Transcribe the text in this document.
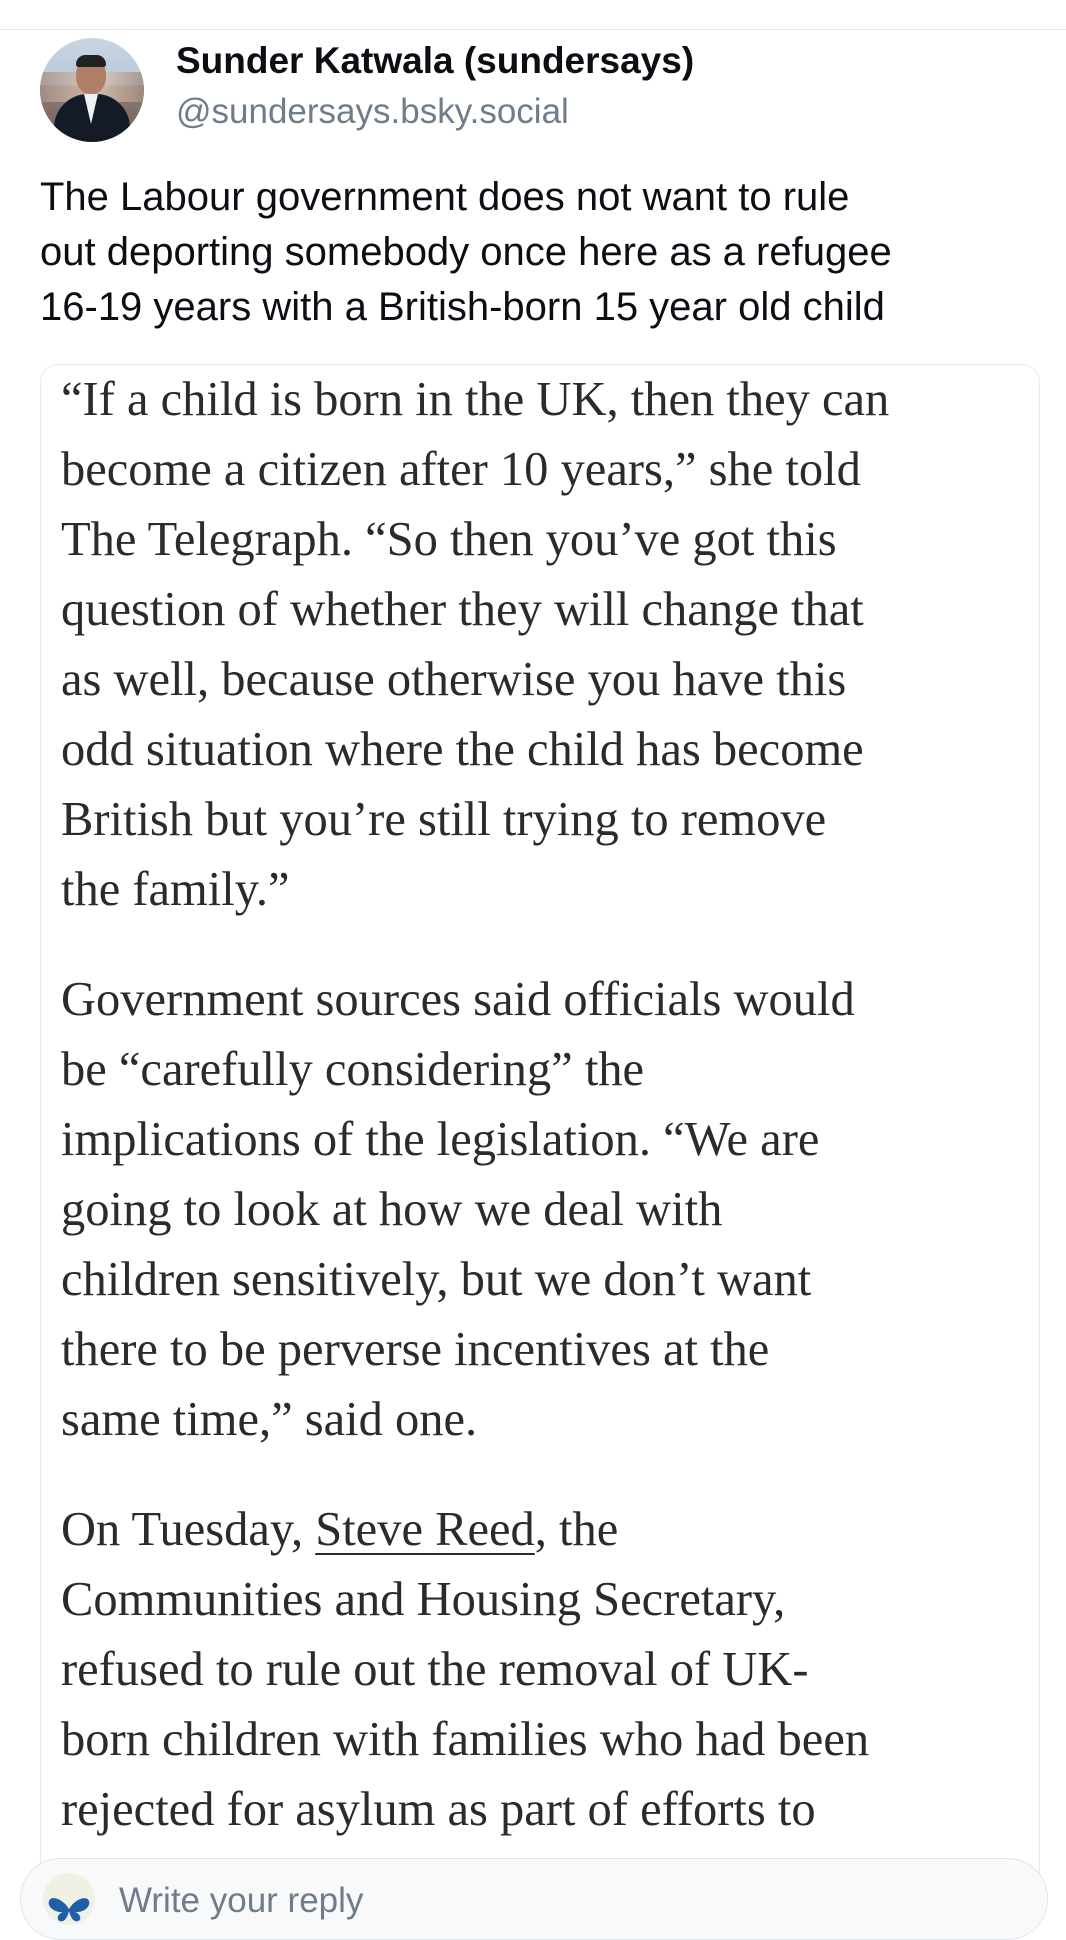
Sunder Katwala (sundersays)
@sundersays.bsky.social
The Labour government does not want to rule
out deporting somebody once here as a refugee
16-19 years with a British-born 15 year old child
“If a child is born in the UK, then they can
become a citizen after 10 years,” she told
The Telegraph. “So then you’ve got this
question of whether they will change that
as well, because otherwise you have this
odd situation where the child has become
British but you’re still trying to remove
the family.”
Government sources said officials would
be “carefully considering” the
implications of the legislation. “We are
going to look at how we deal with
children sensitively, but we don’t want
there to be perverse incentives at the
same time,” said one.
On Tuesday, Steve Reed, the
Communities and Housing Secretary,
refused to rule out the removal of UK-
born children with families who had been
rejected for asylum as part of efforts to
Write your reply
